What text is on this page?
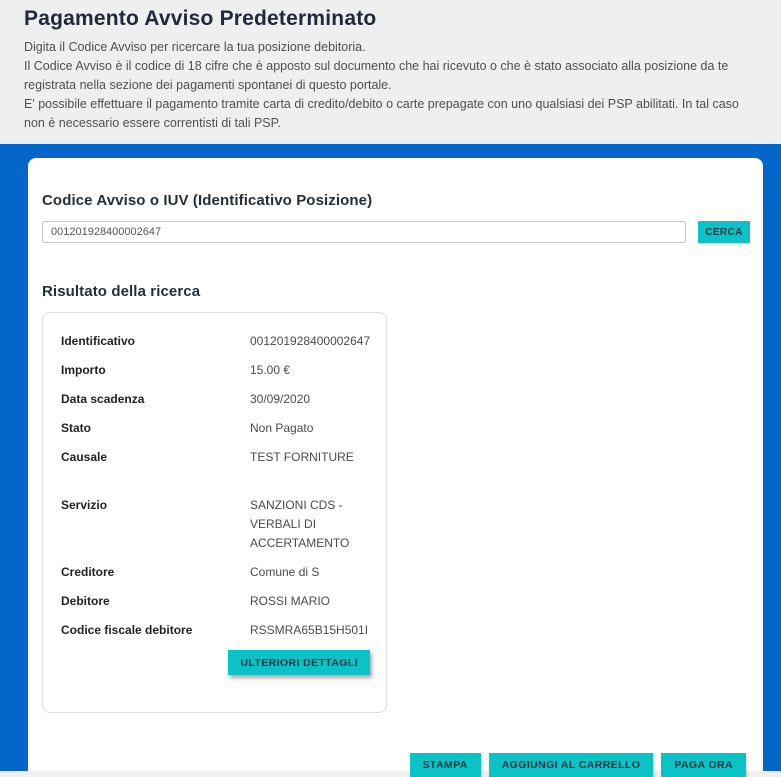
Pagamento Avviso Predeterminato

Digita il Codice Avviso per ricercare la tua posizione debitoria.

Il Codice Avviso è il codice di 18 cifre che è apposto sul documento che hai ricevuto o che è stato associato alla posizione da te registrata nella sezione dei pagamenti spontanei di questo portale.

E' possibile effettuare il pagamento tramite carta di credito/debito o carte prepagate con uno qualsiasi dei PSP abilitati. In tal caso non è necessario essere correntisti di tali PSP.

Codice Avviso o IUV (Identificativo Posizione)

001201928400002647
CERCA

Risultato della ricerca

Identificativo	001201928400002647
Importo	15.00 €
Data scadenza	30/09/2020
Stato	Non Pagato
Causale	TEST FORNITURE
Servizio	SANZIONI CDS - VERBALI DI ACCERTAMENTO
Creditore	Comune di S
Debitore	ROSSI MARIO
Codice fiscale debitore	RSSMRA65B15H501I
ULTERIORI DETTAGLI
STAMPA	AGGIUNGI AL CARRELLO	PAGA ORA
